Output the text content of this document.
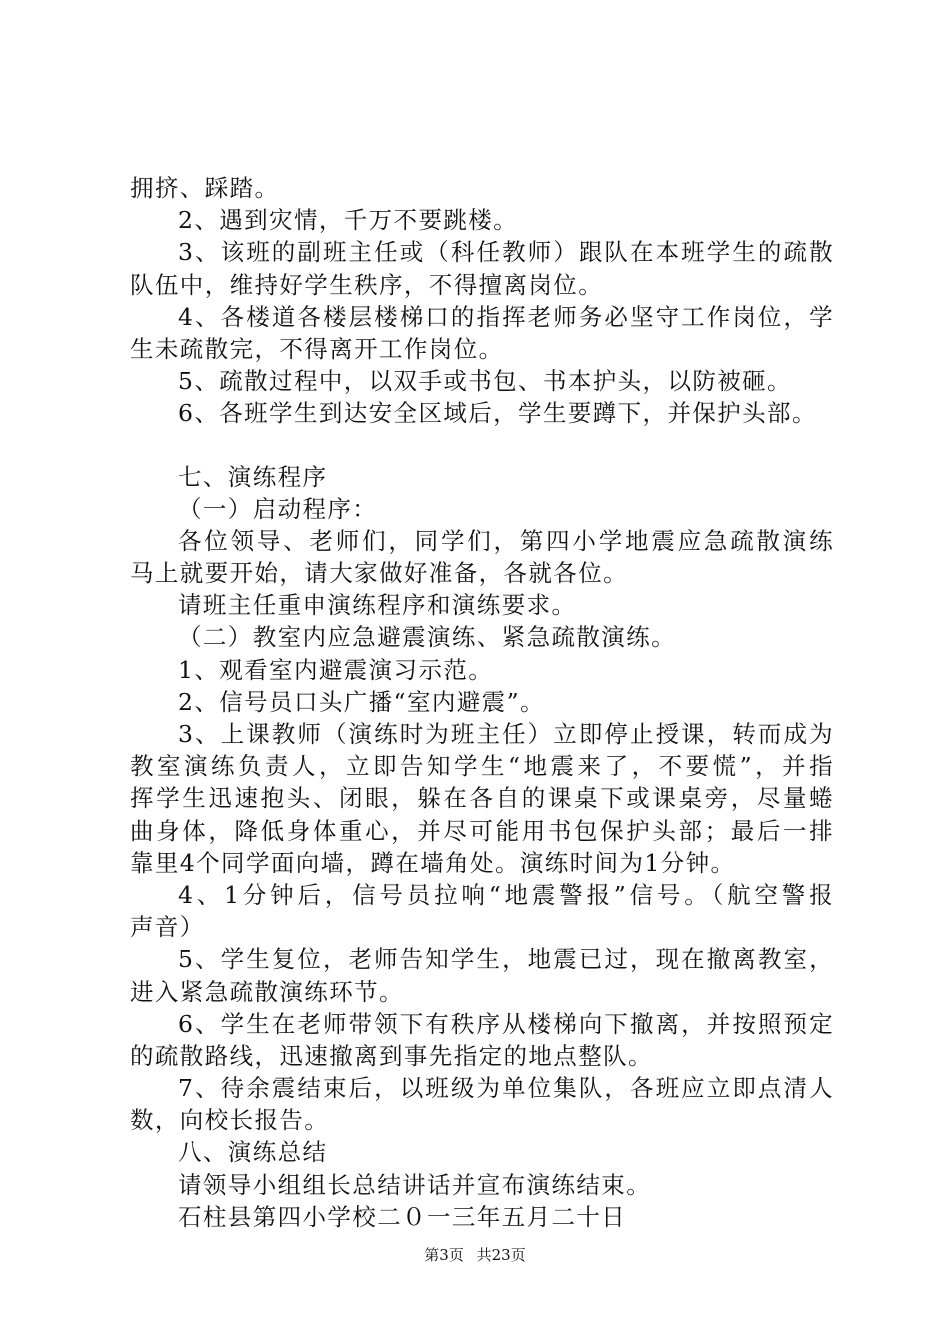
拥挤、踩踏。
2、遇到灾情，千万不要跳楼。
3、该班的副班主任或（科任教师）跟队在本班学生的疏散
队伍中，维持好学生秩序，不得擅离岗位。
4、各楼道各楼层楼梯口的指挥老师务必坚守工作岗位，学
生未疏散完，不得离开工作岗位。
5、疏散过程中，以双手或书包、书本护头，以防被砸。
6、各班学生到达安全区域后，学生要蹲下，并保护头部。
七、演练程序
（一）启动程序：
各位领导、老师们，同学们，第四小学地震应急疏散演练
马上就要开始，请大家做好准备，各就各位。
请班主任重申演练程序和演练要求。
（二）教室内应急避震演练、紧急疏散演练。
1、观看室内避震演习示范。
2、信号员口头广播“室内避震”。
3、上课教师（演练时为班主任）立即停止授课，转而成为
教室演练负责人，立即告知学生“地震来了，不要慌”，并指
挥学生迅速抱头、闭眼，躲在各自的课桌下或课桌旁，尽量蜷
曲身体，降低身体重心，并尽可能用书包保护头部；最后一排
靠里4个同学面向墙，蹲在墙角处。演练时间为1分钟。
4、1分钟后，信号员拉响“地震警报”信号。（航空警报
声音）
5、学生复位，老师告知学生，地震已过，现在撤离教室，
进入紧急疏散演练环节。
6、学生在老师带领下有秩序从楼梯向下撤离，并按照预定
的疏散路线，迅速撤离到事先指定的地点整队。
7、待余震结束后，以班级为单位集队，各班应立即点清人
数，向校长报告。
八、演练总结
请领导小组组长总结讲话并宣布演练结束。
石柱县第四小学校二０一三年五月二十日
第3页 共23页
